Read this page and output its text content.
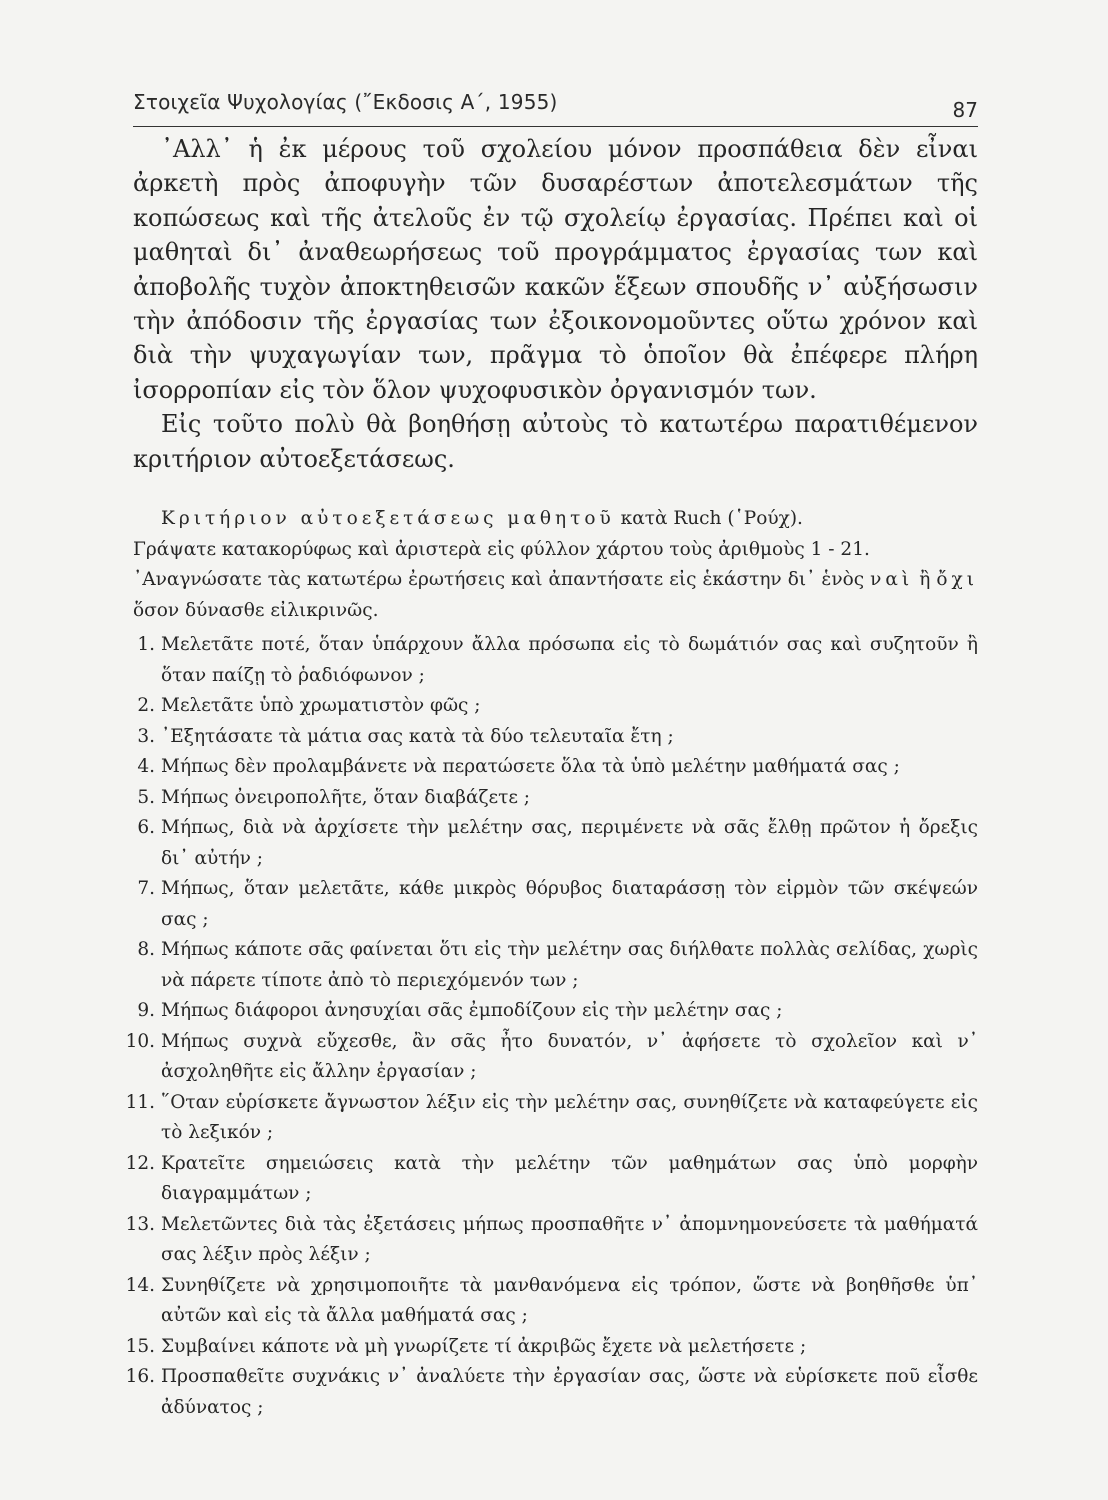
Στοιχεῖα Ψυχολογίας (῎Εκδοσις Α΄, 1955)	87

᾿Αλλ᾿ ἡ ἐκ μέρους τοῦ σχολείου μόνον προσπάθεια δὲν εἶναι ἀρκετὴ πρὸς ἀποφυγὴν τῶν δυσαρέστων ἀποτελεσμάτων τῆς κοπώσεως καὶ τῆς ἀτελοῦς ἐν τῷ σχολείῳ ἐργασίας. Πρέπει καὶ οἱ μαθηταὶ δι᾿ ἀναθεωρήσεως τοῦ προγράμματος ἐργασίας των καὶ ἀποβολῆς τυχὸν ἀποκτηθεισῶν κακῶν ἕξεων σπουδῆς ν᾿ αὐξήσωσιν τὴν ἀπόδοσιν τῆς ἐργασίας των ἐξοικονομοῦντες οὕτω χρόνον καὶ διὰ τὴν ψυχαγωγίαν των, πρᾶγμα τὸ ὁποῖον θὰ ἐπέφερε πλήρη ἰσορροπίαν εἰς τὸν ὅλον ψυχοφυσικὸν ὀργανισμόν των.

Εἰς τοῦτο πολὺ θὰ βοηθήσῃ αὐτοὺς τὸ κατωτέρω παρατιθέμενον κριτήριον αὐτοεξετάσεως.

Κριτήριον αὐτοεξετάσεως μαθητοῦ κατὰ Ruch (῾Ρούχ).

Γράψατε κατακορύφως καὶ ἀριστερὰ εἰς φύλλον χάρτου τοὺς ἀριθμοὺς 1 - 21.

᾿Αναγνώσατε τὰς κατωτέρω ἐρωτήσεις καὶ ἀπαντήσατε εἰς ἑκάστην δι᾿ ἑνὸς ναὶ ἢ ὄχι ὅσον δύνασθε εἰλικρινῶς.

1. Μελετᾶτε ποτέ, ὅταν ὑπάρχουν ἄλλα πρόσωπα εἰς τὸ δωμάτιόν σας καὶ συζητοῦν ἢ ὅταν παίζῃ τὸ ῥαδιόφωνον ;

2. Μελετᾶτε ὑπὸ χρωματιστὸν φῶς ;

3. ᾿Εξητάσατε τὰ μάτια σας κατὰ τὰ δύο τελευταῖα ἔτη ;

4. Μήπως δὲν προλαμβάνετε νὰ περατώσετε ὅλα τὰ ὑπὸ μελέτην μαθήματά σας ;

5. Μήπως ὀνειροπολῆτε, ὅταν διαβάζετε ;

6. Μήπως, διὰ νὰ ἀρχίσετε τὴν μελέτην σας, περιμένετε νὰ σᾶς ἔλθῃ πρῶτον ἡ ὄρεξις δι᾿ αὐτήν ;

7. Μήπως, ὅταν μελετᾶτε, κάθε μικρὸς θόρυβος διαταράσσῃ τὸν εἱρμὸν τῶν σκέψεών σας ;

8. Μήπως κάποτε σᾶς φαίνεται ὅτι εἰς τὴν μελέτην σας διήλθατε πολλὰς σελίδας, χωρὶς νὰ πάρετε τίποτε ἀπὸ τὸ περιεχόμενόν των ;

9. Μήπως διάφοροι ἀνησυχίαι σᾶς ἐμποδίζουν εἰς τὴν μελέτην σας ;

10. Μήπως συχνὰ εὔχεσθε, ἂν σᾶς ἦτο δυνατόν, ν᾿ ἀφήσετε τὸ σχολεῖον καὶ ν᾿ ἀσχοληθῆτε εἰς ἄλλην ἐργασίαν ;

11. ῞Οταν εὑρίσκετε ἄγνωστον λέξιν εἰς τὴν μελέτην σας, συνηθίζετε νὰ καταφεύγετε εἰς τὸ λεξικόν ;

12. Κρατεῖτε σημειώσεις κατὰ τὴν μελέτην τῶν μαθημάτων σας ὑπὸ μορφὴν διαγραμμάτων ;

13. Μελετῶντες διὰ τὰς ἐξετάσεις μήπως προσπαθῆτε ν᾿ ἀπομνημονεύσετε τὰ μαθήματά σας λέξιν πρὸς λέξιν ;

14. Συνηθίζετε νὰ χρησιμοποιῆτε τὰ μανθανόμενα εἰς τρόπον, ὥστε νὰ βοηθῆσθε ὑπ᾿ αὐτῶν καὶ εἰς τὰ ἄλλα μαθήματά σας ;

15. Συμβαίνει κάποτε νὰ μὴ γνωρίζετε τί ἀκριβῶς ἔχετε νὰ μελετήσετε ;

16. Προσπαθεῖτε συχνάκις ν᾿ ἀναλύετε τὴν ἐργασίαν σας, ὥστε νὰ εὑρίσκετε ποῦ εἶσθε ἀδύνατος ;
